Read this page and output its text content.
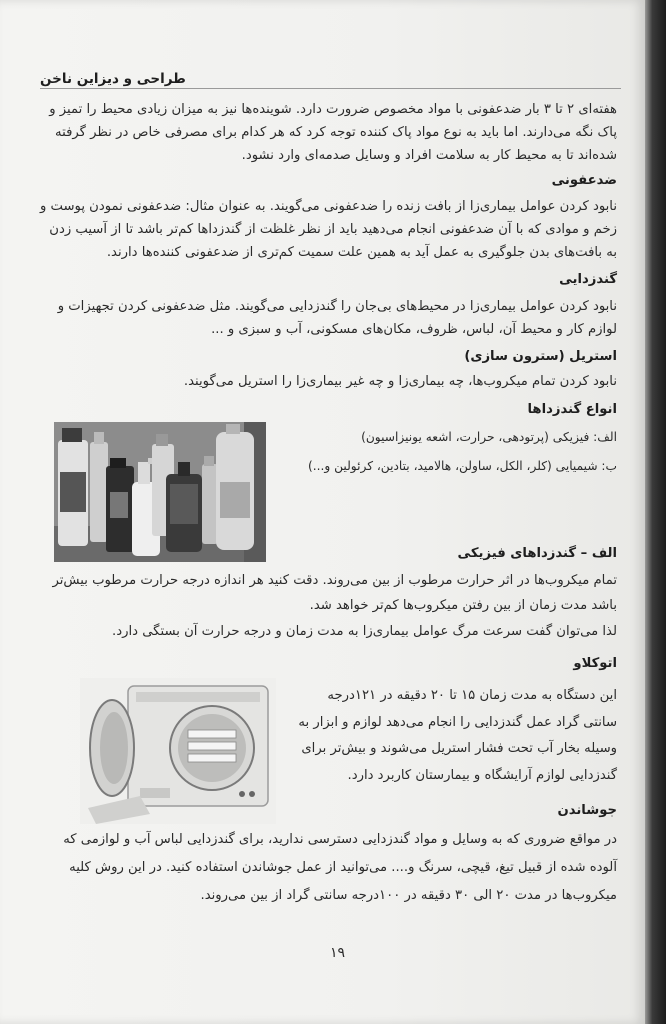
طراحی و دیزاین ناخن
هفته‌ای ۲ تا ۳ بار ضدعفونی با مواد مخصوص ضرورت دارد. شوینده‌ها نیز به میزان زیادی محیط را تمیز و
پاک نگه می‌دارند. اما باید به نوع مواد پاک کننده توجه کرد که هر کدام برای مصرفی خاص در نظر گرفته
شده‌اند تا به محیط کار به سلامت افراد و وسایل صدمه‌ای وارد نشود.
ضدعفونی
نابود کردن عوامل بیماری‌زا از بافت زنده را ضدعفونی می‌گویند. به عنوان مثال: ضدعفونی نمودن پوست و
زخم و موادی که با آن ضدعفونی انجام می‌دهید باید از نظر غلظت از گندزداها کم‌تر باشد تا از آسیب زدن
به بافت‌های بدن جلوگیری به عمل آید به همین علت سمیت کم‌تری از ضدعفونی کننده‌ها دارند.
گندزدایی
نابود کردن عوامل بیماری‌زا در محیط‌های بی‌جان را گندزدایی می‌گویند. مثل ضدعفونی کردن تجهیزات و
لوازم کار و محیط آن، لباس، ظروف، مکان‌های مسکونی، آب و سبزی و ...
استریل (سترون سازی)
نابود کردن تمام میکروب‌ها، چه بیماری‌زا و چه غیر بیماری‌زا را استریل می‌گویند.
انواع گندزداها
الف: فیزیکی (پرتودهی، حرارت، اشعه یونیزاسیون)
ب: شیمیایی (کلر، الکل، ساولن، هالامید، بتادین، کرئولین و...)
الف – گندزداهای فیزیکی
تمام میکروب‌ها در اثر حرارت مرطوب از بین می‌روند. دقت کنید هر اندازه درجه حرارت مرطوب بیش‌تر
باشد مدت زمان از بین رفتن میکروب‌ها کم‌تر خواهد شد.
لذا می‌توان گفت سرعت مرگ عوامل بیماری‌زا به مدت زمان و درجه حرارت آن بستگی دارد.
اتوکلاو
این دستگاه به مدت زمان ۱۵ تا ۲۰ دقیقه در ۱۲۱درجه
سانتی گراد عمل گندزدایی را انجام می‌دهد لوازم و ابزار به
وسیله بخار آب تحت فشار استریل می‌شوند و بیش‌تر برای
گندزدایی لوازم آرایشگاه و بیمارستان کاربرد دارد.
جوشاندن
در مواقع ضروری که به وسایل و مواد گندزدایی دسترسی ندارید، برای گندزدایی لباس آب و لوازمی که
آلوده شده از قبیل تیغ، قیچی، سرنگ و.... می‌توانید از عمل جوشاندن استفاده کنید. در این روش کلیه
میکروب‌ها در مدت ۲۰ الی ۳۰ دقیقه در ۱۰۰درجه سانتی گراد از بین می‌روند.
۱۹
